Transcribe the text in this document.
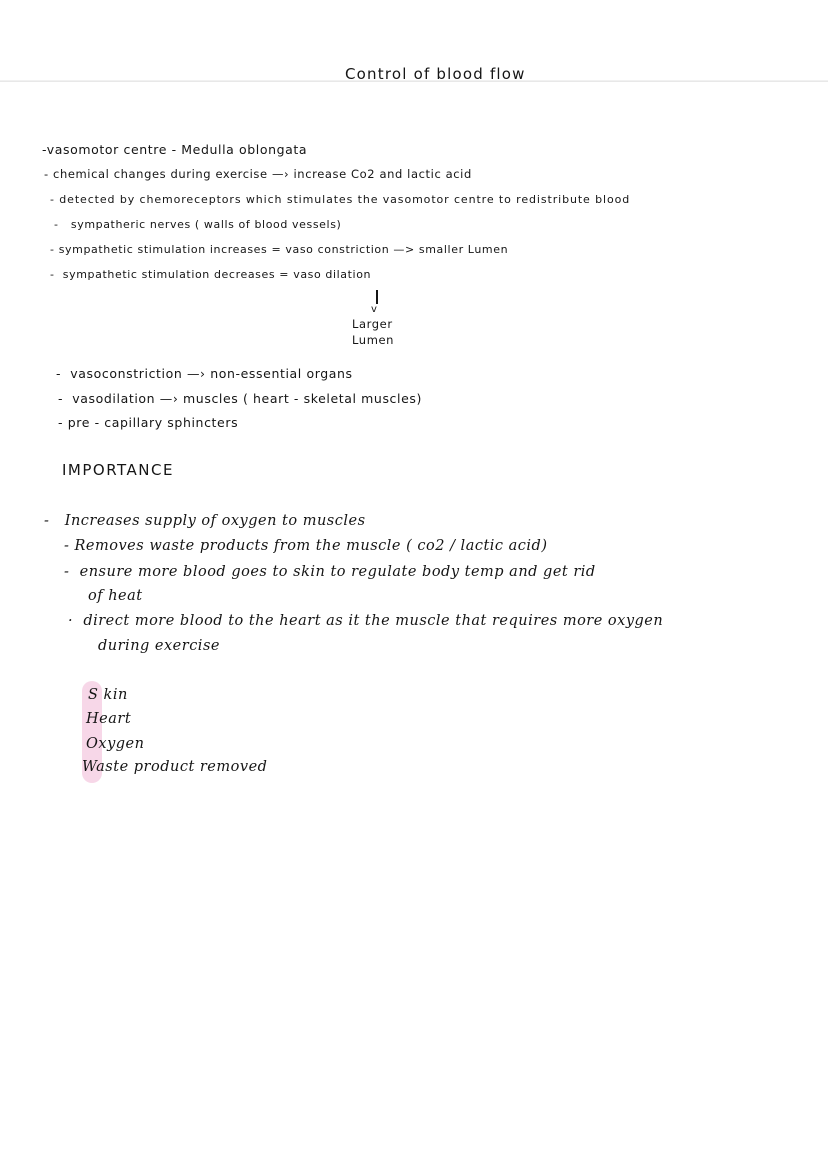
Control of blood flow
-vasomotor centre - Medulla oblongata
- chemical changes during exercise —› increase Co2 and lactic acid
- detected by chemoreceptors which stimulates the vasomotor centre to redistribute blood
- sympatheric nerves ( walls of blood vessels)
- sympathetic stimulation increases = vaso constriction —> smaller Lumen
- sympathetic stimulation decreases = vaso dilation
v
Larger
Lumen
- vasoconstriction —› non-essential organs
- vasodilation —› muscles ( heart - skeletal muscles)
- pre - capillary sphincters
IMPORTANCE
- Increases supply of oxygen to muscles
- Removes waste products from the muscle ( co2 / lactic acid)
- ensure more blood goes to skin to regulate body temp and get rid
of heat
· direct more blood to the heart as it the muscle that requires more oxygen
during exercise
S kin
Heart
Oxygen
Waste product removed
